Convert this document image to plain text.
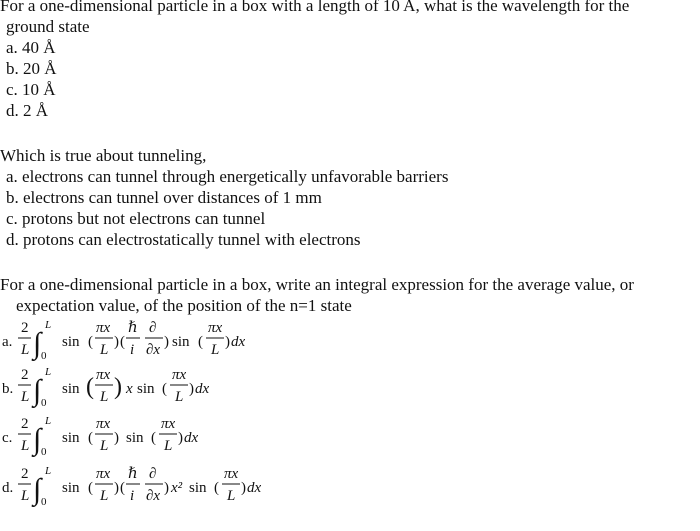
For a one-dimensional particle in a box with a length of 10 A, what is the wavelength for the
ground state
a. 40 Å
b. 20 Å
c. 10 Å
d. 2 Å
Which is true about tunneling,
a. electrons can tunnel through energetically unfavorable barriers
b. electrons can tunnel over distances of 1 mm
c. protons but not electrons can tunnel
d. protons can electrostatically tunnel with electrons
For a one-dimensional particle in a box, write an integral expression for the average value, or
expectation value, of the position of the n=1 state
a.
2
L ∫
L
0
sin (
πx
L ) (
ℏ
i
∂
∂x ) sin (
πx
L ) dx
b.
2
L ∫
L
0
sin ( πx
L ) x sin (
πx
L ) dx
c.
2
L ∫
L
0
sin (
πx
L ) sin (
πx
L ) dx
d.
2
L ∫
L
0
sin (
πx
L ) (
ℏ
i
∂
∂x ) x² sin (
πx
L ) dx
